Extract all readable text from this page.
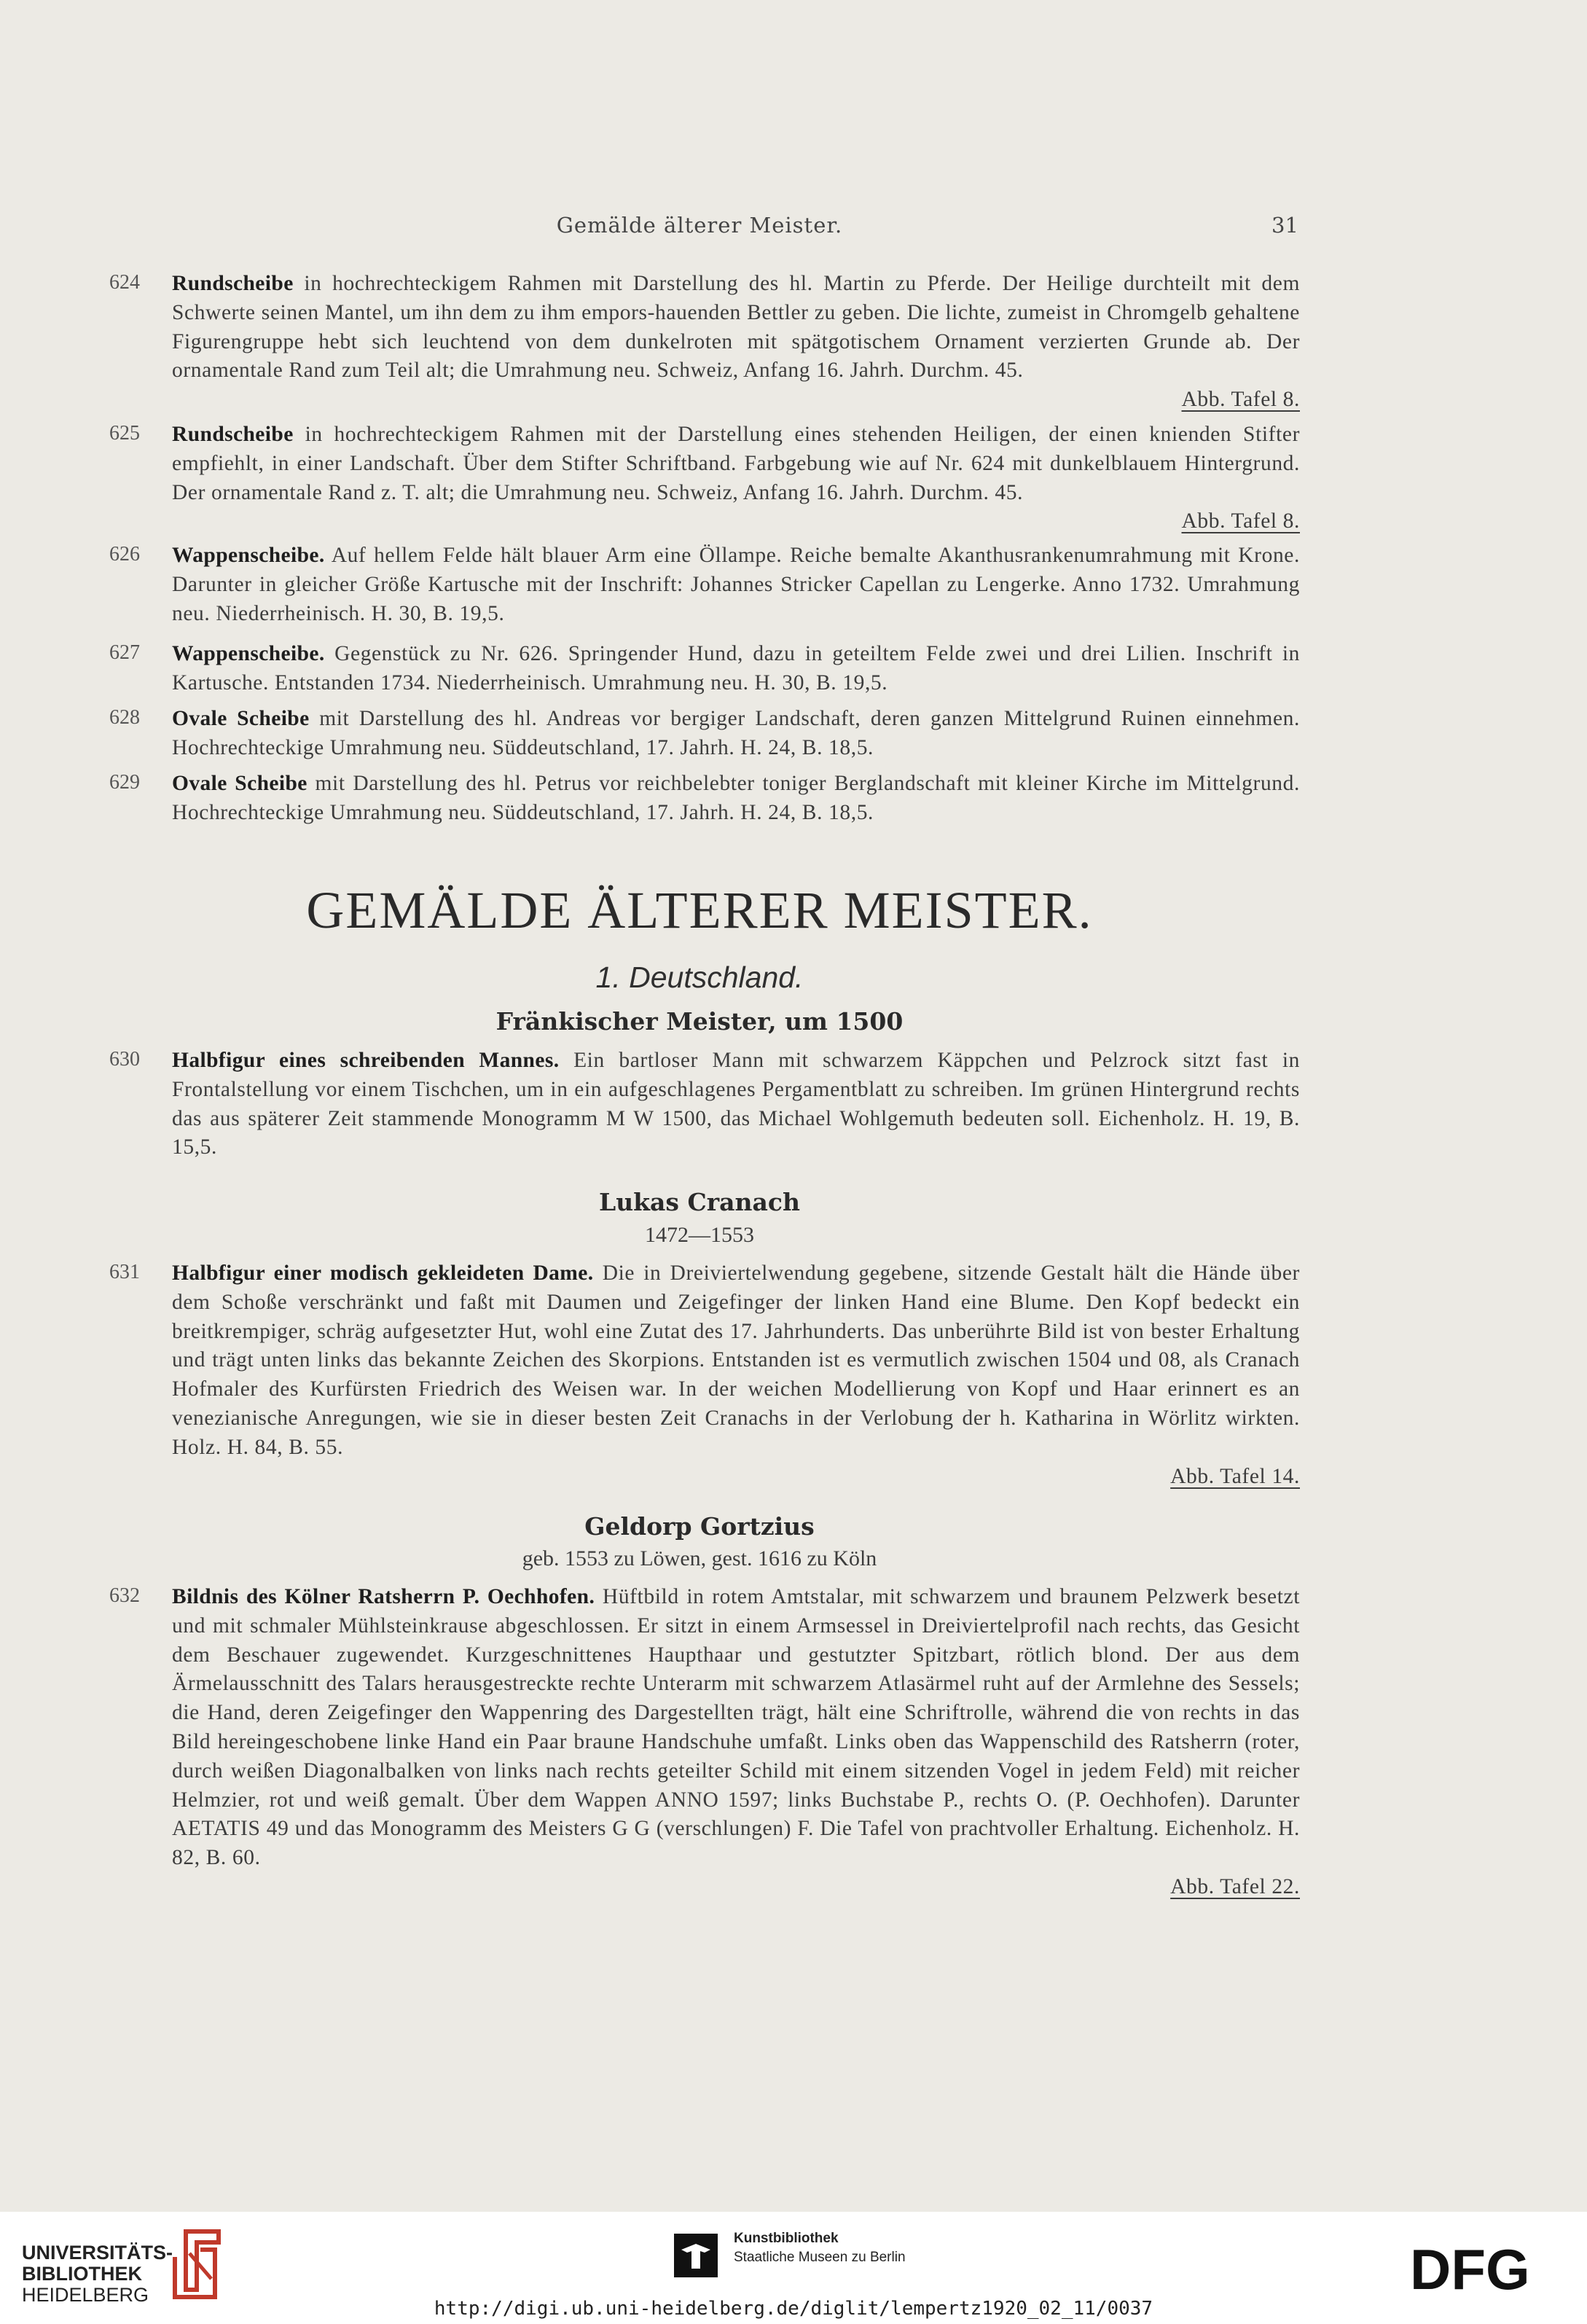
Gemälde älterer Meister.	31
624	Rundscheibe in hochrechteckigem Rahmen mit Darstellung des hl. Martin zu Pferde. Der Heilige durchteilt mit dem Schwerte seinen Mantel, um ihn dem zu ihm empors-hauenden Bettler zu geben. Die lichte, zumeist in Chromgelb gehaltene Figurengruppe hebt sich leuchtend von dem dunkelroten mit spätgotischem Ornament verzierten Grunde ab. Der ornamentale Rand zum Teil alt; die Umrahmung neu. Schweiz, Anfang 16. Jahrh. Durchm. 45.
Abb. Tafel 8.
625	Rundscheibe in hochrechteckigem Rahmen mit der Darstellung eines stehenden Heiligen, der einen knienden Stifter empfiehlt, in einer Landschaft. Über dem Stifter Schriftband. Farbgebung wie auf Nr. 624 mit dunkelblauem Hintergrund. Der ornamentale Rand z. T. alt; die Umrahmung neu. Schweiz, Anfang 16. Jahrh. Durchm. 45.
Abb. Tafel 8.
626	Wappenscheibe. Auf hellem Felde hält blauer Arm eine Öllampe. Reiche bemalte Akanthusrankenumrahmung mit Krone. Darunter in gleicher Größe Kartusche mit der Inschrift: Johannes Stricker Capellan zu Lengerke. Anno 1732. Umrahmung neu. Niederrheinisch. H. 30, B. 19,5.
627	Wappenscheibe. Gegenstück zu Nr. 626. Springender Hund, dazu in geteiltem Felde zwei und drei Lilien. Inschrift in Kartusche. Entstanden 1734. Niederrheinisch. Umrahmung neu. H. 30, B. 19,5.
628	Ovale Scheibe mit Darstellung des hl. Andreas vor bergiger Landschaft, deren ganzen Mittelgrund Ruinen einnehmen. Hochrechteckige Umrahmung neu. Süddeutschland, 17. Jahrh. H. 24, B. 18,5.
629	Ovale Scheibe mit Darstellung des hl. Petrus vor reichbelebter toniger Berglandschaft mit kleiner Kirche im Mittelgrund. Hochrechteckige Umrahmung neu. Süddeutschland, 17. Jahrh. H. 24, B. 18,5.
GEMÄLDE ÄLTERER MEISTER.
1. Deutschland.
Fränkischer Meister, um 1500
630	Halbfigur eines schreibenden Mannes. Ein bartloser Mann mit schwarzem Käppchen und Pelzrock sitzt fast in Frontalstellung vor einem Tischchen, um in ein aufgeschlagenes Pergamentblatt zu schreiben. Im grünen Hintergrund rechts das aus späterer Zeit stammende Monogramm M W 1500, das Michael Wohlgemuth bedeuten soll. Eichenholz. H. 19, B. 15,5.
Lukas Cranach
1472—1553
631	Halbfigur einer modisch gekleideten Dame. Die in Dreiviertelwendung gegebene, sitzende Gestalt hält die Hände über dem Schoße verschränkt und faßt mit Daumen und Zeigefinger der linken Hand eine Blume. Den Kopf bedeckt ein breitkrempiger, schräg aufgesetzter Hut, wohl eine Zutat des 17. Jahrhunderts. Das unberührte Bild ist von bester Erhaltung und trägt unten links das bekannte Zeichen des Skorpions. Entstanden ist es vermutlich zwischen 1504 und 08, als Cranach Hofmaler des Kurfürsten Friedrich des Weisen war. In der weichen Modellierung von Kopf und Haar erinnert es an venezianische Anregungen, wie sie in dieser besten Zeit Cranachs in der Verlobung der h. Katharina in Wörlitz wirkten. Holz. H. 84, B. 55.
Abb. Tafel 14.
Geldorp Gortzius
geb. 1553 zu Löwen, gest. 1616 zu Köln
632	Bildnis des Kölner Ratsherrn P. Oechhofen. Hüftbild in rotem Amtstalar, mit schwarzem und braunem Pelzwerk besetzt und mit schmaler Mühlsteinkrause abgeschlossen. Er sitzt in einem Armsessel in Dreiviertelprofil nach rechts, das Gesicht dem Beschauer zugewendet. Kurzgeschnittenes Haupthaar und gestutzter Spitzbart, rötlich blond. Der aus dem Ärmelausschnitt des Talars herausgestreckte rechte Unterarm mit schwarzem Atlasärmel ruht auf der Armlehne des Sessels; die Hand, deren Zeigefinger den Wappenring des Dargestellten trägt, hält eine Schriftrolle, während die von rechts in das Bild hereingeschobene linke Hand ein Paar braune Handschuhe umfaßt. Links oben das Wappenschild des Ratsherrn (roter, durch weißen Diagonalbalken von links nach rechts geteilter Schild mit einem sitzenden Vogel in jedem Feld) mit reicher Helmzier, rot und weiß gemalt. Über dem Wappen ANNO 1597; links Buchstabe P., rechts O. (P. Oechhofen). Darunter AETATIS 49 und das Monogramm des Meisters G G (verschlungen) F. Die Tafel von prachtvoller Erhaltung. Eichenholz. H. 82, B. 60.
Abb. Tafel 22.
UNIVERSITÄTS-
BIBLIOTHEK
HEIDELBERG
Kunstbibliothek
Staatliche Museen zu Berlin	DFG
http://digi.ub.uni-heidelberg.de/diglit/lempertz1920_02_11/0037
